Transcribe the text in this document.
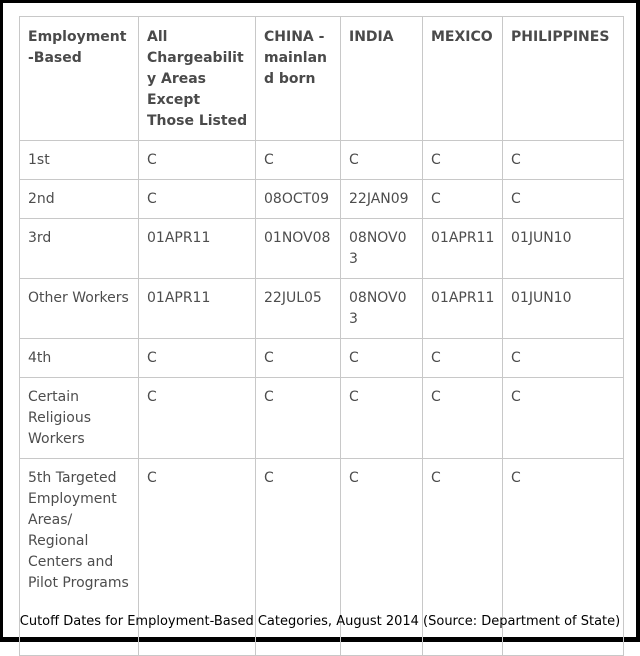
Employment-Based	All Chargeability Areas Except Those Listed	CHINA - mainland born	INDIA	MEXICO	PHILIPPINES
1st	C	C	C	C	C
2nd	C	08OCT09	22JAN09	C	C
3rd	01APR11	01NOV08	08NOV03	01APR11	01JUN10
Other Workers	01APR11	22JUL05	08NOV03	01APR11	01JUN10
4th	C	C	C	C	C
Certain Religious Workers	C	C	C	C	C
5th Targeted Employment Areas/ Regional Centers and Pilot Programs	C	C	C	C	C
Cutoff Dates for Employment-Based Categories, August 2014 (Source: Department of State)
